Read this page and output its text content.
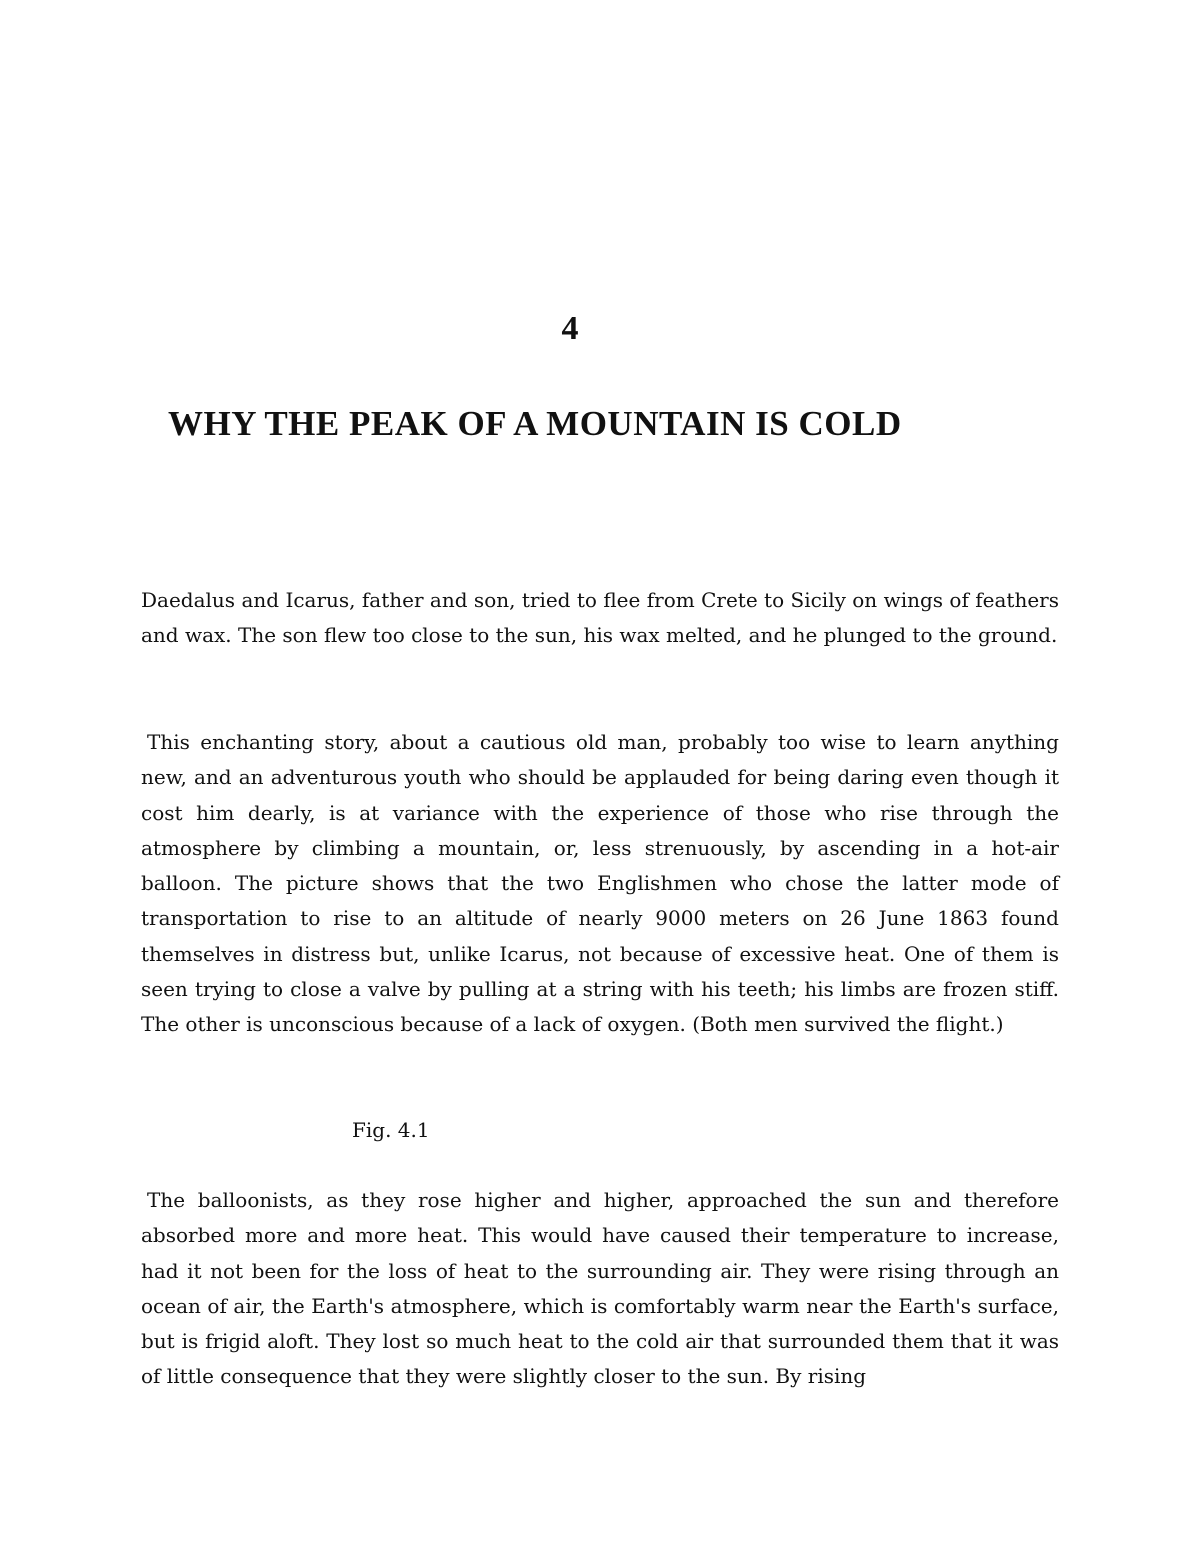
4
WHY THE PEAK OF A MOUNTAIN IS COLD

Daedalus and Icarus, father and son, tried to flee from Crete to Sicily on wings of feathers and wax. The son flew too close to the sun, his wax melted, and he plunged to the ground.

This enchanting story, about a cautious old man, probably too wise to learn anything new, and an adventurous youth who should be applauded for being daring even though it cost him dearly, is at variance with the experience of those who rise through the atmosphere by climbing a mountain, or, less strenuously, by ascending in a hot-air balloon. The picture shows that the two Englishmen who chose the latter mode of transportation to rise to an altitude of nearly 9000 meters on 26 June 1863 found themselves in distress but, unlike Icarus, not because of excessive heat. One of them is seen trying to close a valve by pulling at a string with his teeth; his limbs are frozen stiff. The other is unconscious because of a lack of oxygen. (Both men survived the flight.)

Fig. 4.1

The balloonists, as they rose higher and higher, approached the sun and therefore absorbed more and more heat. This would have caused their temperature to increase, had it not been for the loss of heat to the surrounding air. They were rising through an ocean of air, the Earth's atmosphere, which is comfortably warm near the Earth's surface, but is frigid aloft. They lost so much heat to the cold air that surrounded them that it was of little consequence that they were slightly closer to the sun. By rising
